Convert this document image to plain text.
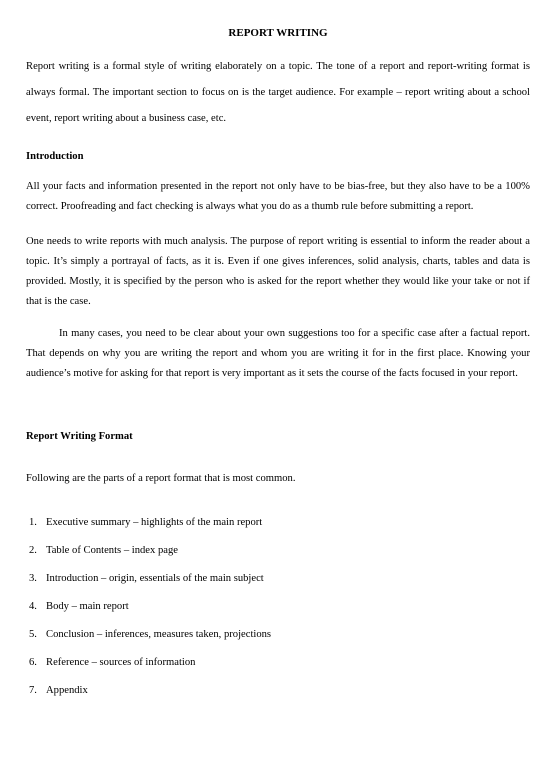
REPORT WRITING

Report writing is a formal style of writing elaborately on a topic. The tone of a report and report-writing format is always formal. The important section to focus on is the target audience. For example – report writing about a school event, report writing about a business case, etc.

Introduction

All your facts and information presented in the report not only have to be bias-free, but they also have to be a 100% correct. Proofreading and fact checking is always what you do as a thumb rule before submitting a report.

One needs to write reports with much analysis. The purpose of report writing is essential to inform the reader about a topic. It’s simply a portrayal of facts, as it is. Even if one gives inferences, solid analysis, charts, tables and data is provided. Mostly, it is specified by the person who is asked for the report whether they would like your take or not if that is the case.

In many cases, you need to be clear about your own suggestions too for a specific case after a factual report. That depends on why you are writing the report and whom you are writing it for in the first place. Knowing your audience’s motive for asking for that report is very important as it sets the course of the facts focused in your report.

Report Writing Format

Following are the parts of a report format that is most common.

1. Executive summary – highlights of the main report
2. Table of Contents – index page
3. Introduction – origin, essentials of the main subject
4. Body – main report
5. Conclusion – inferences, measures taken, projections
6. Reference – sources of information
7. Appendix
